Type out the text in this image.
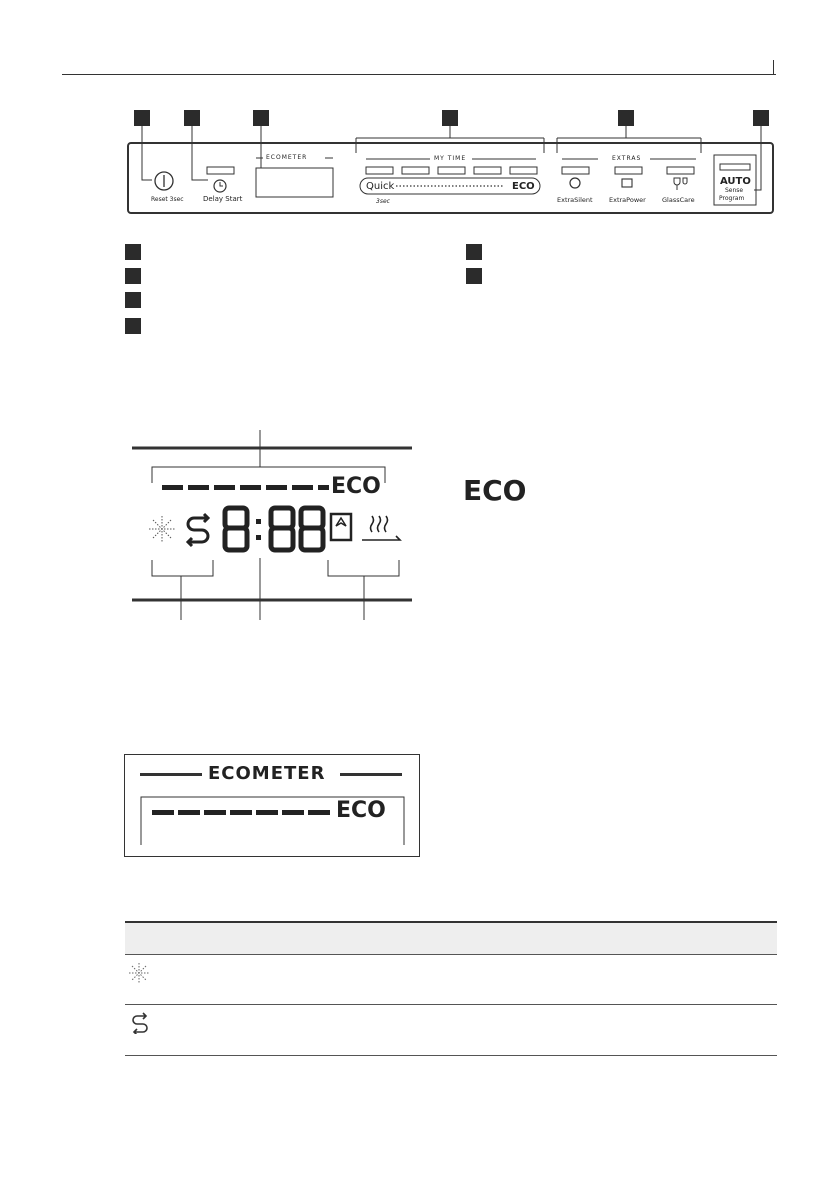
Reset 3sec	Delay Start
ECOMETER	MY TIME
Quick	ECO
3sec
EXTRAS
ExtraSilent	ExtraPower GlassCare
AUTO
Sense
Program
ECO	ECO
ECOMETER
ECO
